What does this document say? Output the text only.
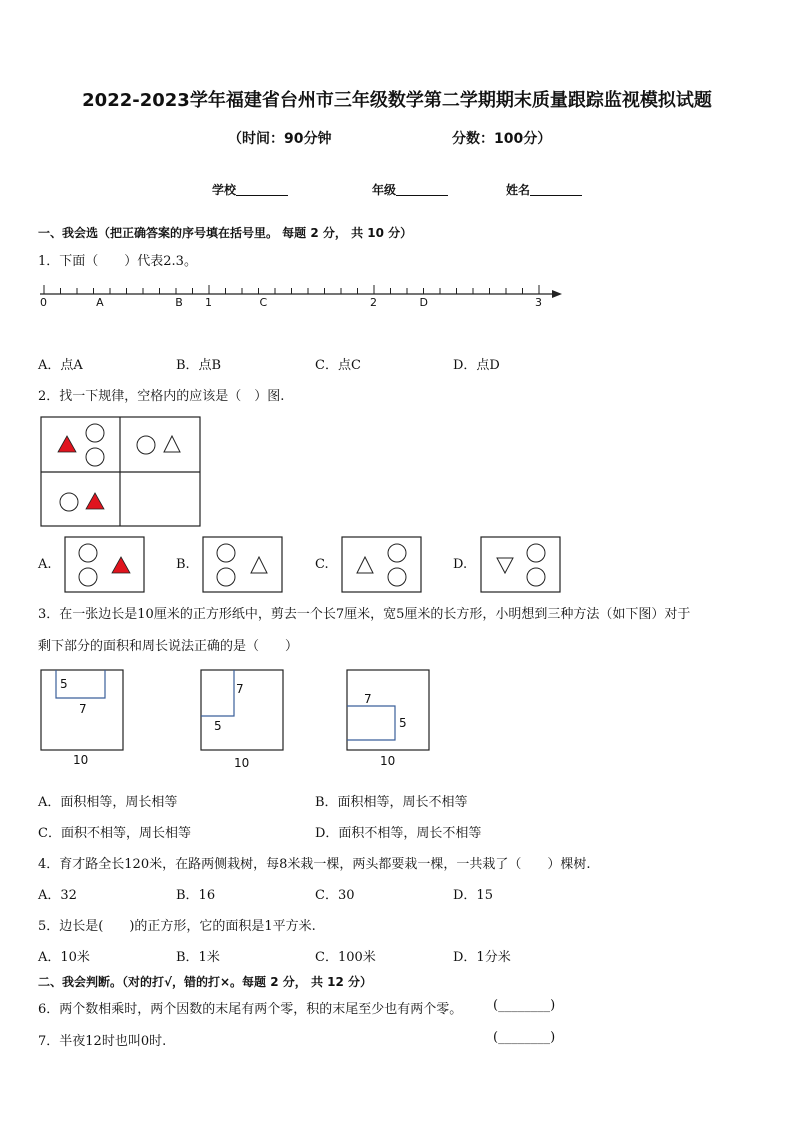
2022-2023学年福建省台州市三年级数学第二学期期末质量跟踪监视模拟试题
（时间：90分钟	分数：100分）
学校	年级	姓名
一、我会选（把正确答案的序号填在括号里。 每题 2 分， 共 10 分）
1．下面（　　）代表2.3。
0	A	B 1	C	2	D	3
A．点A	B．点B	C．点C	D．点D
2．找一下规律，空格内的应该是（　）图.
A.	B.	C.	D.
3．在一张边长是10厘米的正方形纸中，剪去一个长7厘米，宽5厘米的长方形，小明想到三种方法（如下图）对于
剩下部分的面积和周长说法正确的是（　　）
5
7
10
7
5
10
7
5
10
A．面积相等，周长相等	B．面积相等，周长不相等
C．面积不相等，周长相等	D．面积不相等，周长不相等
4．育才路全长120米，在路两侧栽树，每8米栽一棵，两头都要栽一棵，一共栽了（　　）棵树.
A．32	B．16	C．30	D．15
5．边长是(　　)的正方形，它的面积是1平方米.
A．10米	B．1米	C．100米	D．1分米
二、我会判断。（对的打√，错的打×。每题 2 分， 共 12 分）
6．两个数相乘时，两个因数的末尾有两个零，积的末尾至少也有两个零。 (________)
7．半夜12时也叫0时.	(________)
